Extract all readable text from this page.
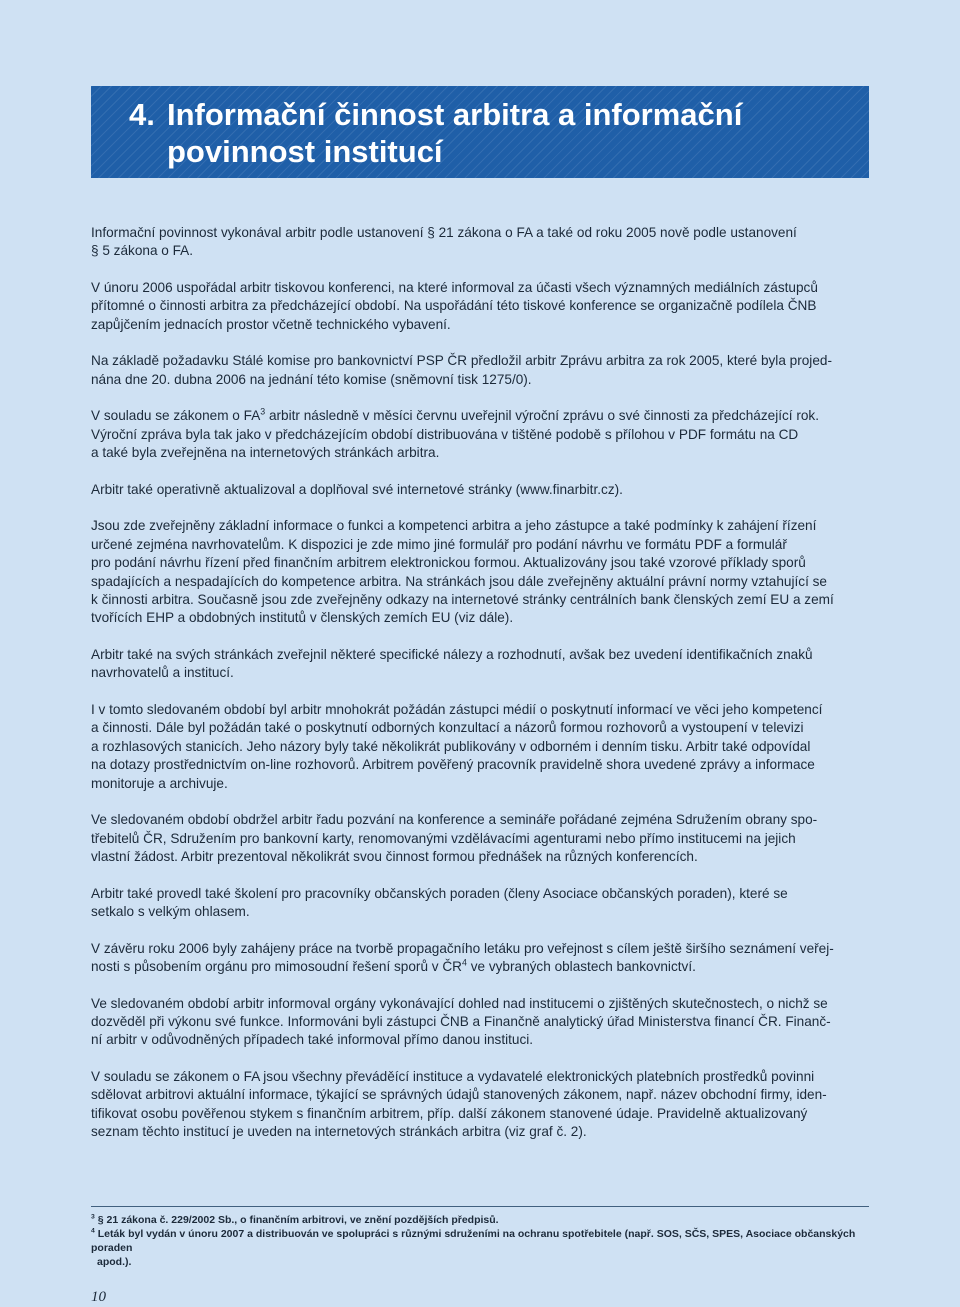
4. Informační činnost arbitra a informační
povinnost institucí

Informační povinnost vykonával arbitr podle ustanovení § 21 zákona o FA a také od roku 2005 nově podle ustanovení
§ 5 zákona o FA.

V únoru 2006 uspořádal arbitr tiskovou konferenci, na které informoval za účasti všech významných mediálních zástupců
přítomné o činnosti arbitra za předcházející období. Na uspořádání této tiskové konference se organizačně podílela ČNB
zapůjčením jednacích prostor včetně technického vybavení.

Na základě požadavku Stálé komise pro bankovnictví PSP ČR předložil arbitr Zprávu arbitra za rok 2005, které byla projed-
nána dne 20. dubna 2006 na jednání této komise (sněmovní tisk 1275/0).

V souladu se zákonem o $FA^3$ arbitr následně v měsíci červnu uveřejnil výroční zprávu o své činnosti za předcházející rok.
Výroční zpráva byla tak jako v předcházejícím období distribuována v tištěné podobě s přílohou v PDF formátu na CD
a také byla zveřejněna na internetových stránkách arbitra.

Arbitr také operativně aktualizoval a doplňoval své internetové stránky (www.finarbitr.cz).

Jsou zde zveřejněny základní informace o funkci a kompetenci arbitra a jeho zástupce a také podmínky k zahájení řízení
určené zejména navrhovatelům. K dispozici je zde mimo jiné formulář pro podání návrhu ve formátu PDF a formulář
pro podání návrhu řízení před finančním arbitrem elektronickou formou. Aktualizovány jsou také vzorové příklady sporů
spadajících a nespadajících do kompetence arbitra. Na stránkách jsou dále zveřejněny aktuální právní normy vztahující se
k činnosti arbitra. Současně jsou zde zveřejněny odkazy na internetové stránky centrálních bank členských zemí EU a zemí
tvořících EHP a obdobných institutů v členských zemích EU (viz dále).

Arbitr také na svých stránkách zveřejnil některé specifické nálezy a rozhodnutí, avšak bez uvedení identifikačních znaků
navrhovatelů a institucí.

I v tomto sledovaném období byl arbitr mnohokrát požádán zástupci médií o poskytnutí informací ve věci jeho kompetencí
a činnosti. Dále byl požádán také o poskytnutí odborných konzultací a názorů formou rozhovorů a vystoupení v televizi
a rozhlasových stanicích. Jeho názory byly také několikrát publikovány v odborném i denním tisku. Arbitr také odpovídal
na dotazy prostřednictvím on-line rozhovorů. Arbitrem pověřený pracovník pravidelně shora uvedené zprávy a informace
monitoruje a archivuje.

Ve sledovaném období obdržel arbitr řadu pozvání na konference a semináře pořádané zejména Sdružením obrany spo-
třebitelů ČR, Sdružením pro bankovní karty, renomovanými vzdělávacími agenturami nebo přímo institucemi na jejich
vlastní žádost. Arbitr prezentoval několikrát svou činnost formou přednášek na různých konferencích.

Arbitr také provedl také školení pro pracovníky občanských poraden (členy Asociace občanských poraden), které se
setkalo s velkým ohlasem.

V závěru roku 2006 byly zahájeny práce na tvorbě propagačního letáku pro veřejnost s cílem ještě širšího seznámení veřej-
nosti s působením orgánu pro mimosoudní řešení sporů v $ČR^4$ ve vybraných oblastech bankovnictví.

Ve sledovaném období arbitr informoval orgány vykonávající dohled nad institucemi o zjištěných skutečnostech, o nichž se
dozvěděl při výkonu své funkce. Informováni byli zástupci ČNB a Finančně analytický úřad Ministerstva financí ČR. Finanč-
ní arbitr v odůvodněných případech také informoval přímo danou instituci.

V souladu se zákonem o FA jsou všechny převáděící instituce a vydavatelé elektronických platebních prostředků povinni
sdělovat arbitrovi aktuální informace, týkající se správných údajů stanovených zákonem, např. název obchodní firmy, iden-
tifikovat osobu pověřenou stykem s finančním arbitrem, příp. další zákonem stanovené údaje. Pravidelně aktualizovaný
seznam těchto institucí je uveden na internetových stránkách arbitra (viz graf č. 2).

$^3$ § 21 zákona č. 229/2002 Sb., o finančním arbitrovi, ve znění pozdějších předpisů.

$^4$ Leták byl vydán v únoru 2007 a distribuován ve spolupráci s různými sdruženími na ochranu spotřebitele (např. SOS, SČS, SPES, Asociace občanských poraden
apod.).

10
